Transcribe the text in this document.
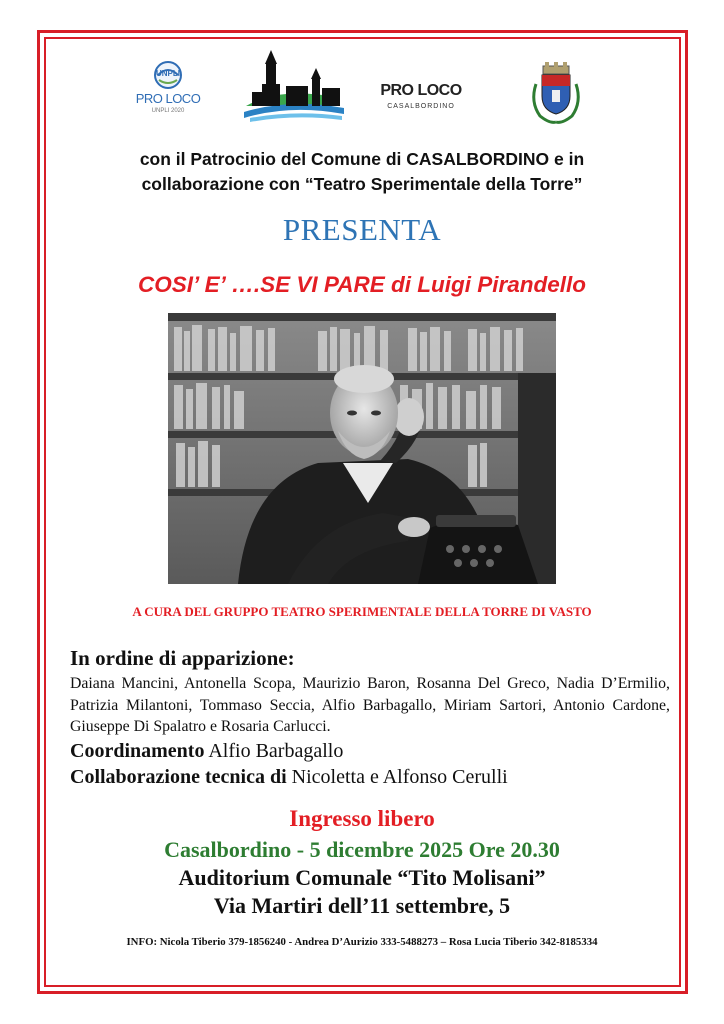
UNPLI
PRO LOCO
UNPLI 2020
PRO LOCO
CASALBORDINO
con il Patrocinio del Comune di CASALBORDINO e in
collaborazione con “Teatro Sperimentale della Torre”
PRESENTA
COSI’ E’ ….SE VI PARE di Luigi Pirandello
A CURA DEL GRUPPO TEATRO SPERIMENTALE DELLA TORRE DI VASTO

In ordine di apparizione:

Daiana Mancini, Antonella Scopa, Maurizio Baron, Rosanna Del Greco, Nadia D’Ermilio, Patrizia Milantoni, Tommaso Seccia, Alfio Barbagallo, Miriam Sartori, Antonio Cardone, Giuseppe Di Spalatro e Rosaria Carlucci.

Coordinamento Alfio Barbagallo

Collaborazione tecnica di Nicoletta e Alfonso Cerulli

Ingresso libero
Casalbordino - 5 dicembre 2025 Ore 20.30
Auditorium Comunale “Tito Molisani”
Via Martiri dell’11 settembre, 5
INFO: Nicola Tiberio 379-1856240 - Andrea D’Aurizio 333-5488273 – Rosa Lucia Tiberio 342-8185334
